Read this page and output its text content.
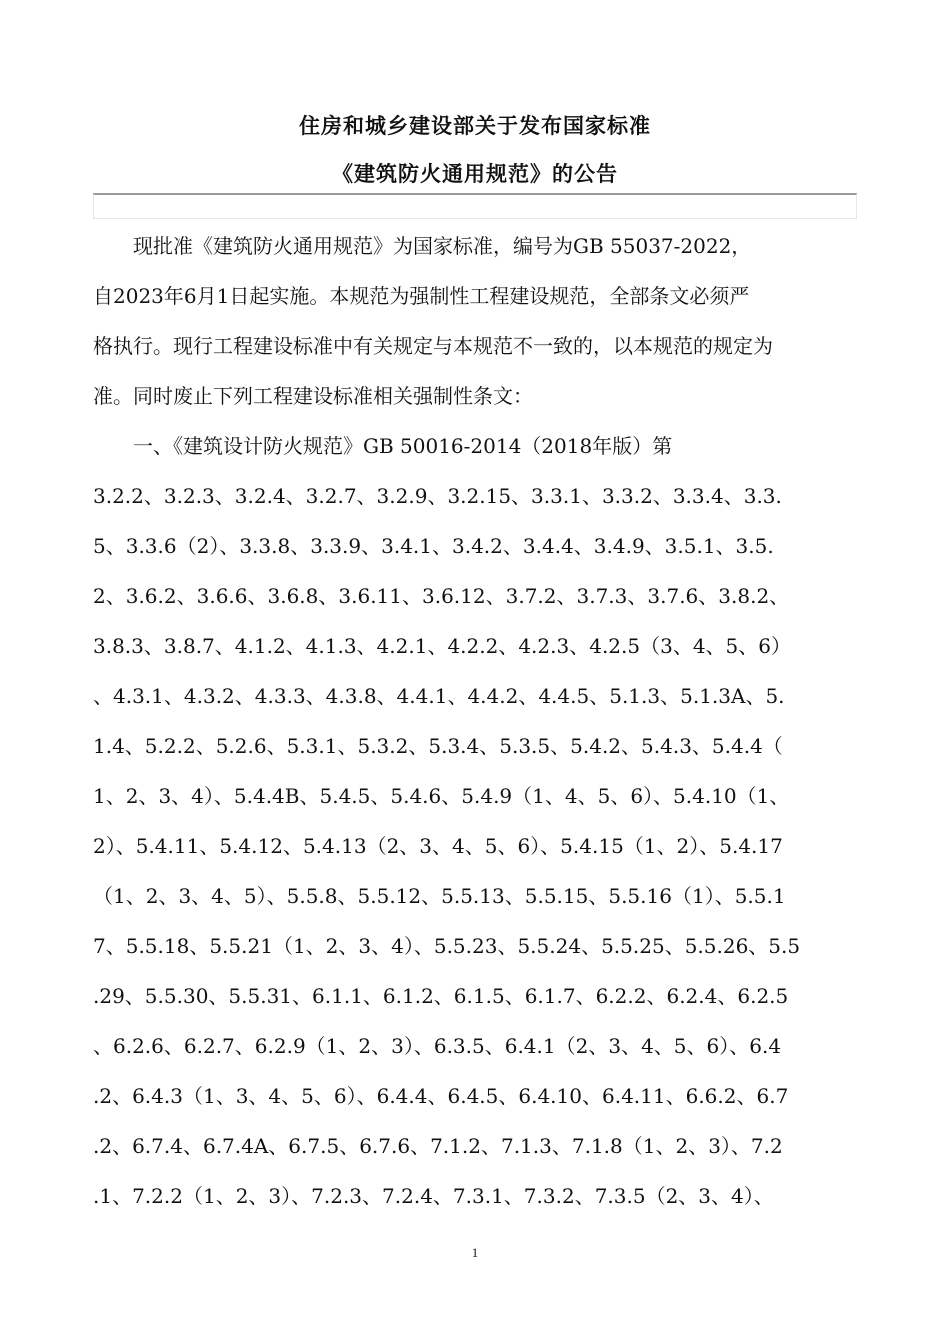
住房和城乡建设部关于发布国家标准
《建筑防火通用规范》的公告
　　现批准《建筑防火通用规范》为国家标准，编号为GB 55037-2022，
自2023年6月1日起实施。本规范为强制性工程建设规范，全部条文必须严
格执行。现行工程建设标准中有关规定与本规范不一致的，以本规范的规定为
准。同时废止下列工程建设标准相关强制性条文：
　　一、《建筑设计防火规范》GB 50016-2014（2018年版）第
3.2.2、3.2.3、3.2.4、3.2.7、3.2.9、3.2.15、3.3.1、3.3.2、3.3.4、3.3.
5、3.3.6（2）、3.3.8、3.3.9、3.4.1、3.4.2、3.4.4、3.4.9、3.5.1、3.5.
2、3.6.2、3.6.6、3.6.8、3.6.11、3.6.12、3.7.2、3.7.3、3.7.6、3.8.2、
3.8.3、3.8.7、4.1.2、4.1.3、4.2.1、4.2.2、4.2.3、4.2.5（3、4、5、6）
、4.3.1、4.3.2、4.3.3、4.3.8、4.4.1、4.4.2、4.4.5、5.1.3、5.1.3A、5.
1.4、5.2.2、5.2.6、5.3.1、5.3.2、5.3.4、5.3.5、5.4.2、5.4.3、5.4.4（
1、2、3、4）、5.4.4B、5.4.5、5.4.6、5.4.9（1、4、5、6）、5.4.10（1、
2）、5.4.11、5.4.12、5.4.13（2、3、4、5、6）、5.4.15（1、2）、5.4.17
（1、2、3、4、5）、5.5.8、5.5.12、5.5.13、5.5.15、5.5.16（1）、5.5.1
7、5.5.18、5.5.21（1、2、3、4）、5.5.23、5.5.24、5.5.25、5.5.26、5.5
.29、5.5.30、5.5.31、6.1.1、6.1.2、6.1.5、6.1.7、6.2.2、6.2.4、6.2.5
、6.2.6、6.2.7、6.2.9（1、2、3）、6.3.5、6.4.1（2、3、4、5、6）、6.4
.2、6.4.3（1、3、4、5、6）、6.4.4、6.4.5、6.4.10、6.4.11、6.6.2、6.7
.2、6.7.4、6.7.4A、6.7.5、6.7.6、7.1.2、7.1.3、7.1.8（1、2、3）、7.2
.1、7.2.2（1、2、3）、7.2.3、7.2.4、7.3.1、7.3.2、7.3.5（2、3、4）、
1
